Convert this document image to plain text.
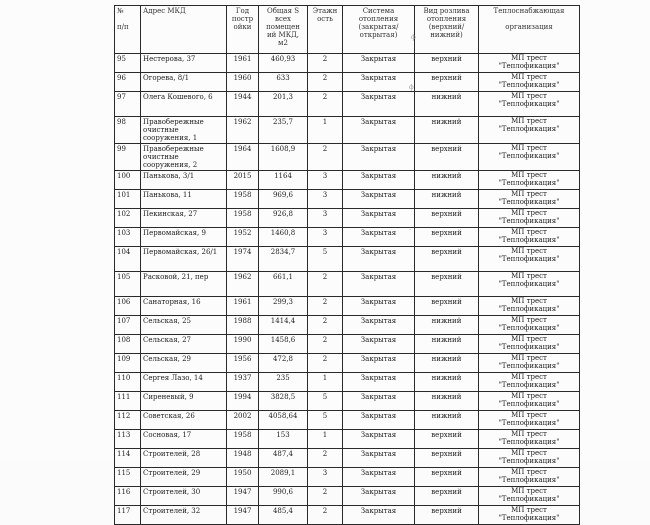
№
п/п	Адрес МКД	Год постр ойки	Общая S всех помещен ий МКД, м2	Этажн ость	Система отопления (закрытая/ открытая)	Вид розлива отопления (верхний/ нижний)	Теплоснабжающая
организация
95	Нестерова, 37	1961	460,93	2	Закрытая	верхний	МП трест
"Теплофикация"

96	Огорева, 8/1	1960	633	2	Закрытая	верхний	МП трест
"Теплофикация"

97	Олега Кошевого, 6	1944	201,3	2	Закрытая	нижний	МП трест
"Теплофикация"

98	Правобережные очистные сооружения, 1	1962	235,7	1	Закрытая	нижний	МП трест
"Теплофикация"

99	Правобережные очистные сооружения, 2	1964	1608,9	2	Закрытая	верхний	МП трест
"Теплофикация"

100	Панькова, 3/1	2015	1164	3	Закрытая	нижний	МП трест
"Теплофикация"

101	Панькова, 11	1958	969,6	3	Закрытая	нижний	МП трест
"Теплофикация"

102	Пекинская, 27	1958	926,8	3	Закрытая	верхний	МП трест
"Теплофикация"

103	Первомайская, 9	1952	1460,8	3	Закрытая	верхний	МП трест
"Теплофикация"

104	Первомайская, 26/1	1974	2834,7	5	Закрытая	верхний	МП трест
"Теплофикация"

105	Расковой, 21, пер	1962	661,1	2	Закрытая	верхний	МП трест
"Теплофикация"

106	Санаторная, 16	1961	299,3	2	Закрытая	верхний	МП трест
"Теплофикация"

107	Сельская, 25	1988	1414,4	2	Закрытая	нижний	МП трест
"Теплофикация"

108	Сельская, 27	1990	1458,6	2	Закрытая	нижний	МП трест
"Теплофикация"

109	Сельская, 29	1956	472,8	2	Закрытая	нижний	МП трест
"Теплофикация"

110	Сергея Лазо, 14	1937	235	1	Закрытая	нижний	МП трест
"Теплофикация"

111	Сиреневый, 9	1994	3828,5	5	Закрытая	нижний	МП трест
"Теплофикация"

112	Советская, 26	2002	4058,64	5	Закрытая	нижний	МП трест
"Теплофикация"

113	Сосновая, 17	1958	153	1	Закрытая	верхний	МП трест
"Теплофикация"

114	Строителей, 28	1948	487,4	2	Закрытая	верхний	МП трест
"Теплофикация"

115	Строителей, 29	1950	2089,1	3	Закрытая	верхний	МП трест
"Теплофикация"

116	Строителей, 30	1947	990,6	2	Закрытая	верхний	МП трест
"Теплофикация"

117	Строителей, 32	1947	485,4	2	Закрытая	верхний	МП трест
"Теплофикация"
ф
ф
-
